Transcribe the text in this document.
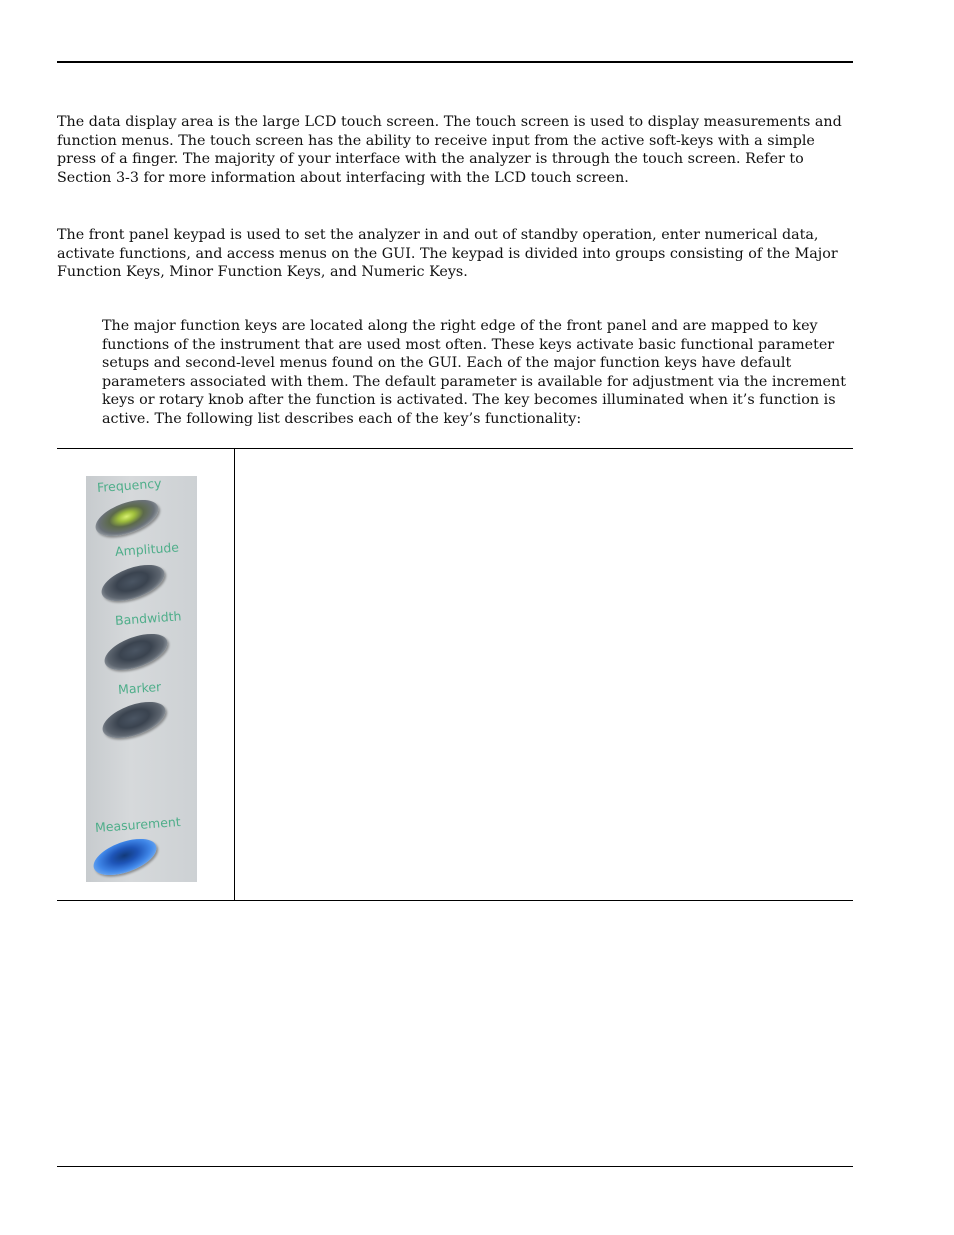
The data display area is the large LCD touch screen. The touch screen is used to display measurements and function menus. The touch screen has the ability to receive input from the active soft-keys with a simple press of a finger. The majority of your interface with the analyzer is through the touch screen. Refer to Section 3-3 for more information about interfacing with the LCD touch screen.

The front panel keypad is used to set the analyzer in and out of standby operation, enter numerical data, activate functions, and access menus on the GUI. The keypad is divided into groups consisting of the Major Function Keys, Minor Function Keys, and Numeric Keys.

The major function keys are located along the right edge of the front panel and are mapped to key functions of the instrument that are used most often. These keys activate basic functional parameter setups and second-level menus found on the GUI. Each of the major function keys have default parameters associated with them. The default parameter is available for adjustment via the increment keys or rotary knob after the function is activated. The key becomes illuminated when it’s function is active. The following list describes each of the key’s functionality:

Frequency
Amplitude
Bandwidth
Marker
Measurement
